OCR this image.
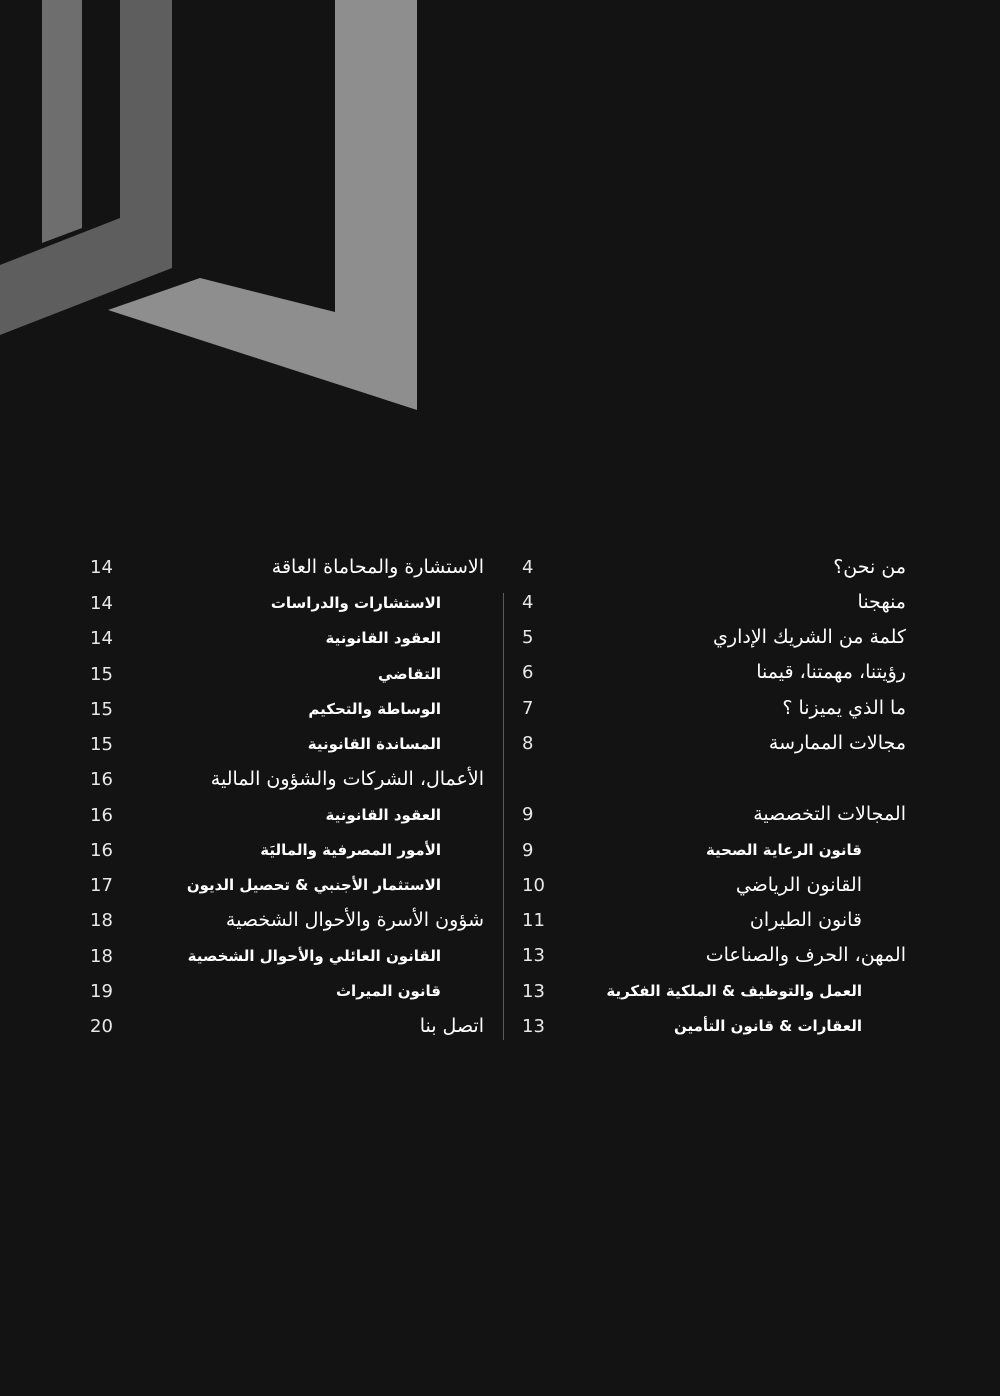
4	من نحن؟
4	منهجنا
5	كلمة من الشريك الإداري
6	رؤيتنا، مهمتنا، قيمنا
7	ما الذي يميزنا ؟
8	مجالات الممارسة
9	المجالات التخصصية
9	قانون الرعاية الصحية
10	القانون الرياضي
11	قانون الطيران
13	المهن، الحرف والصناعات
13	العمل والتوظيف & الملكية الفكرية
13	العقارات & قانون التأمين
14	الاستشارة والمحاماة العاقة
14	الاستشارات والدراسات
14	العقود القانونية
15	التقاضي
15	الوساطة والتحكيم
15	المساندة القانونية
16	الأعمال، الشركات والشؤون المالية
16	العقود القانونية
16	الأمور المصرفية والماليَة
17	الاستثمار الأجنبي & تحصيل الديون
18	شؤون الأسرة والأحوال الشخصية
18	القانون العائلي والأحوال الشخصية
19	قانون الميراث
20	اتصل بنا
